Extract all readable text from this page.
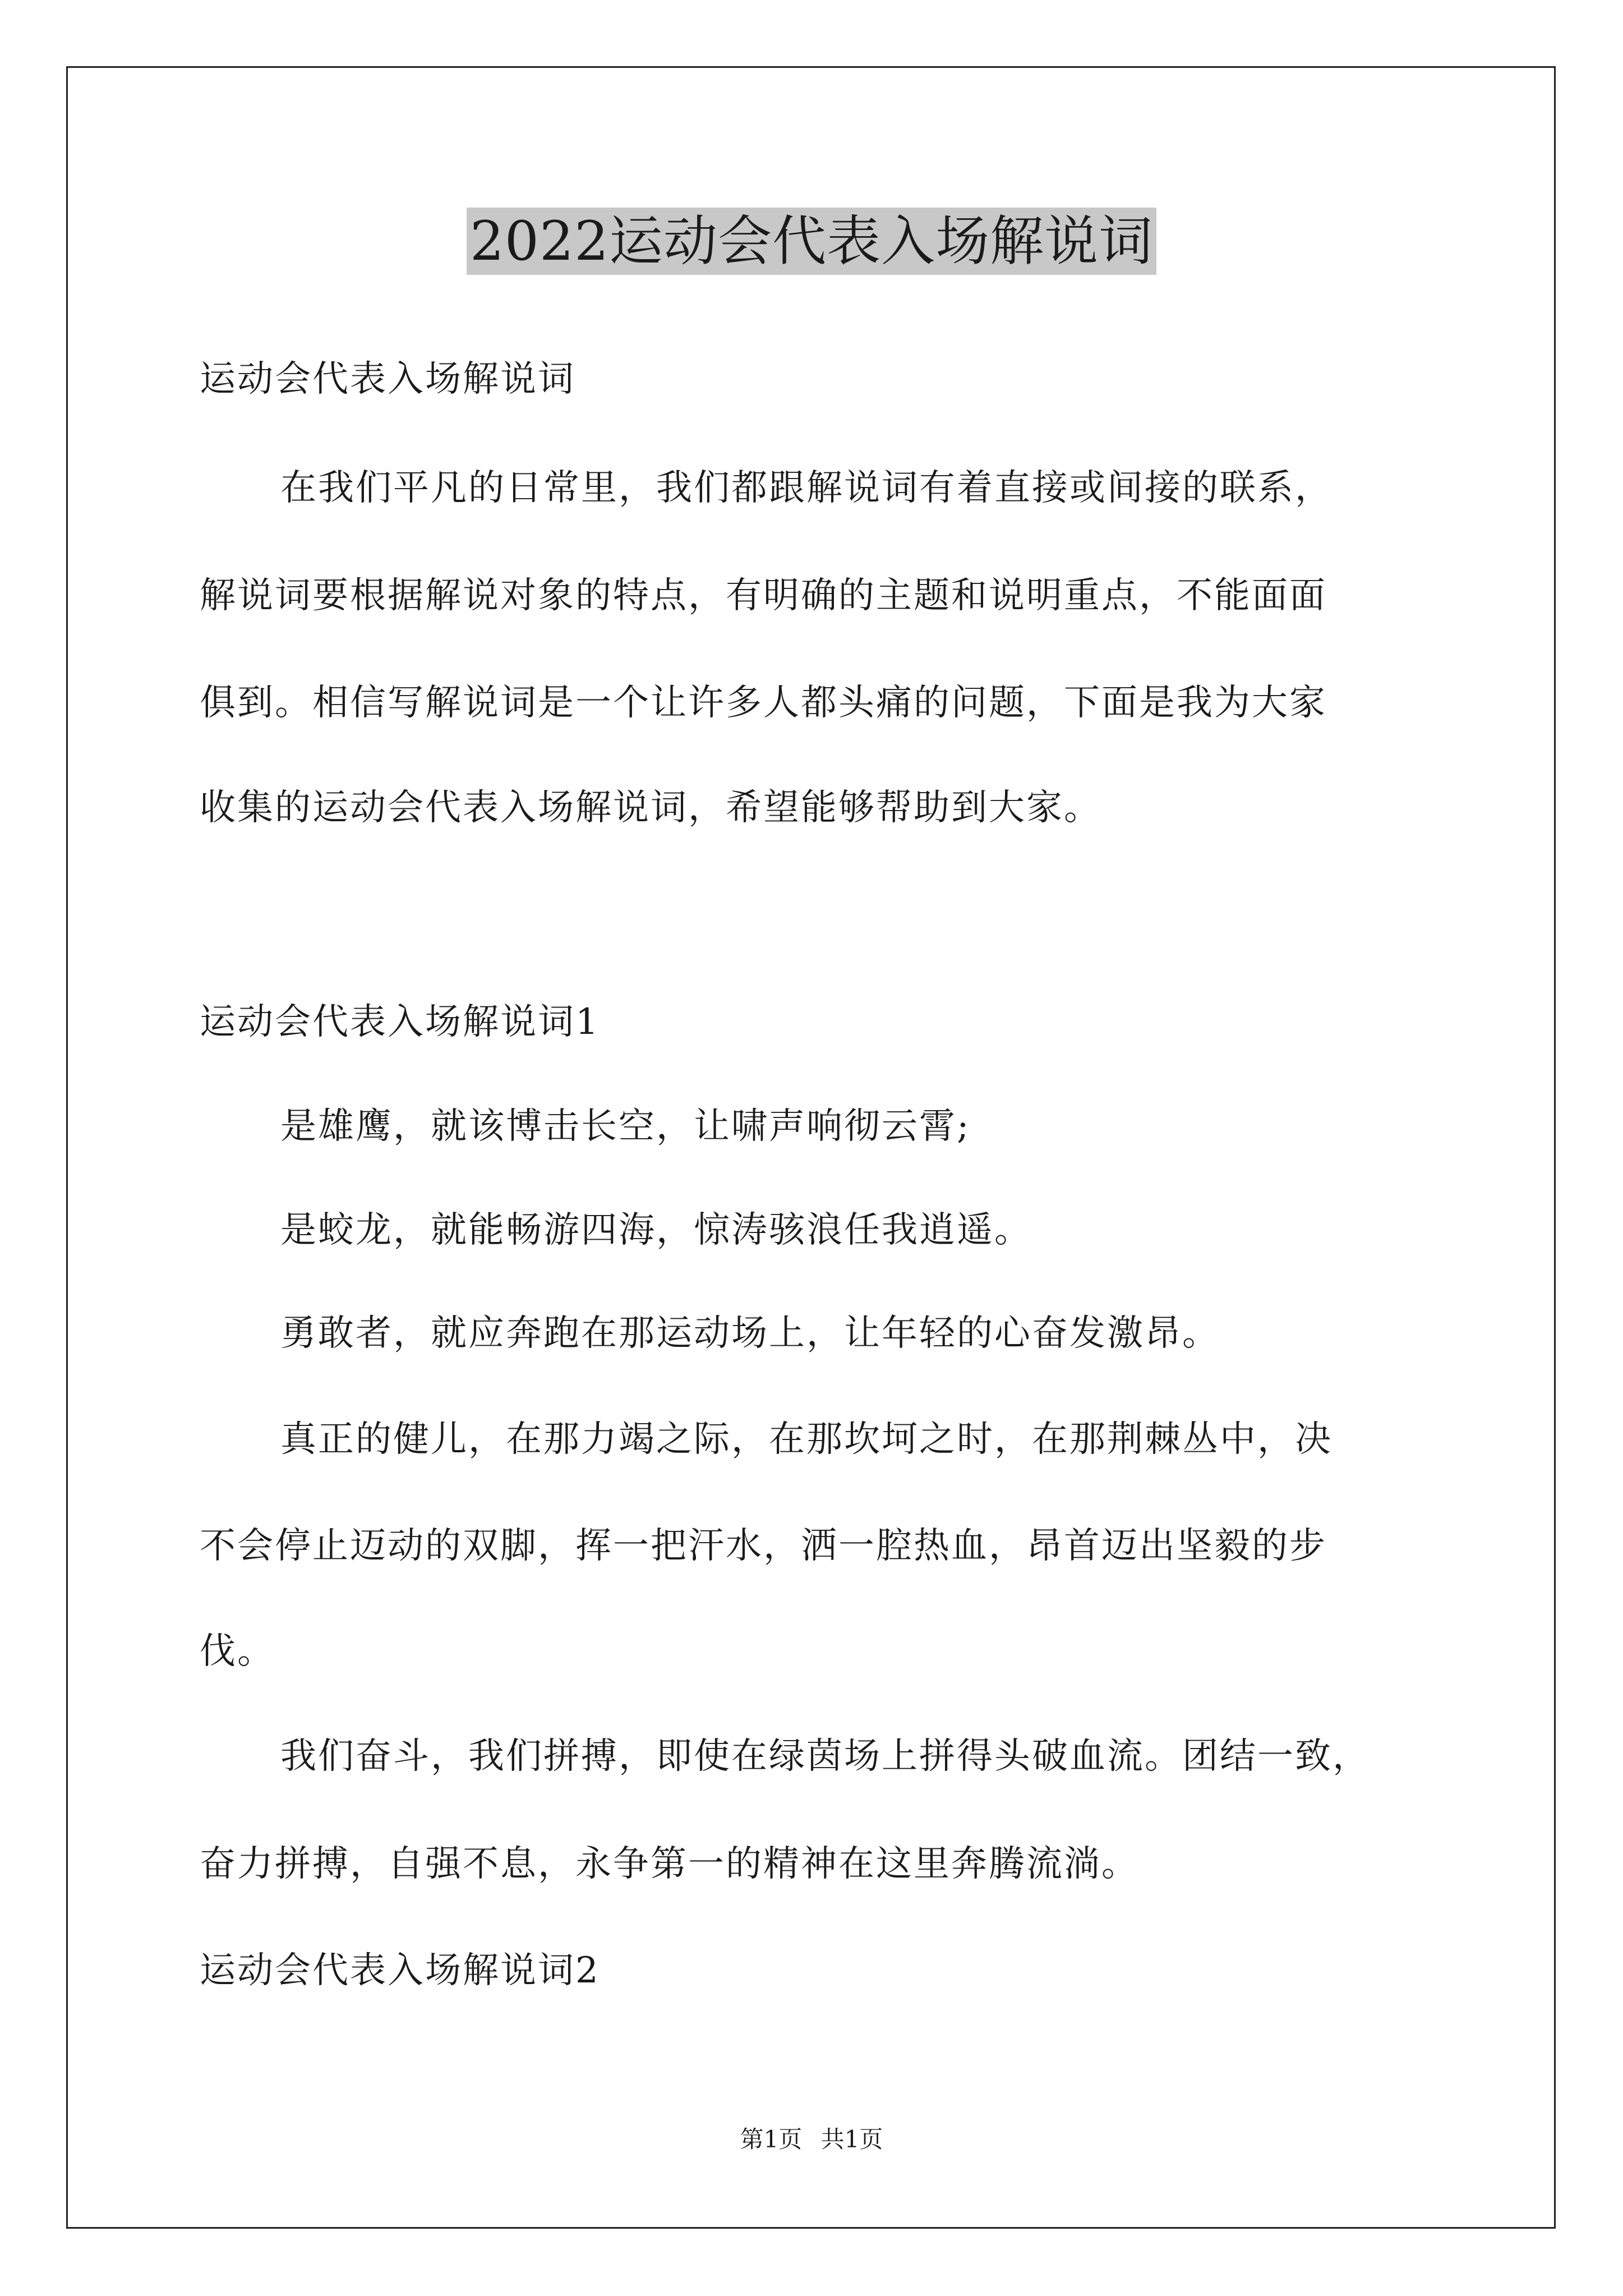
2022运动会代表入场解说词
运动会代表入场解说词
在我们平凡的日常里，我们都跟解说词有着直接或间接的联系，
解说词要根据解说对象的特点，有明确的主题和说明重点，不能面面
俱到。相信写解说词是一个让许多人都头痛的问题，下面是我为大家
收集的运动会代表入场解说词，希望能够帮助到大家。
运动会代表入场解说词1
是雄鹰，就该博击长空，让啸声响彻云霄;
是蛟龙，就能畅游四海，惊涛骇浪任我逍遥。
勇敢者，就应奔跑在那运动场上，让年轻的心奋发激昂。
真正的健儿，在那力竭之际，在那坎坷之时，在那荆棘丛中，决
不会停止迈动的双脚，挥一把汗水，洒一腔热血，昂首迈出坚毅的步
伐。
我们奋斗，我们拼搏，即使在绿茵场上拼得头破血流。团结一致，
奋力拼搏，自强不息，永争第一的精神在这里奔腾流淌。
运动会代表入场解说词2
第1页 共1页
